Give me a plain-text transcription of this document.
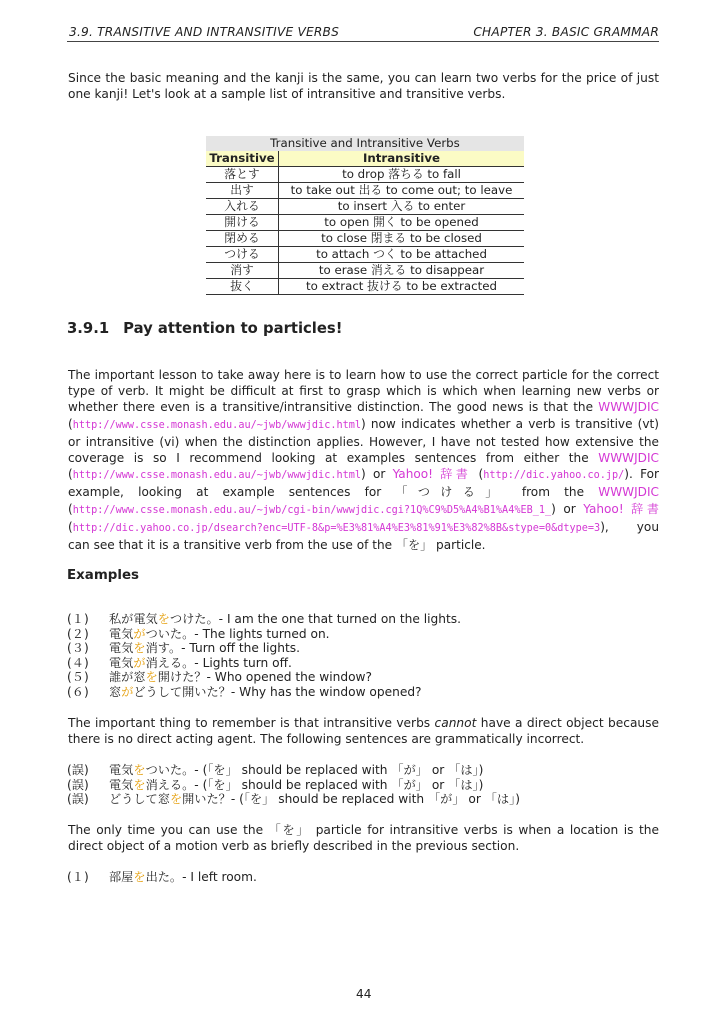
3.9. TRANSITIVE AND INTRANSITIVE VERBS	CHAPTER 3. BASIC GRAMMAR
Since the basic meaning and the kanji is the same, you can learn two verbs for the price of just one kanji! Let's look at a sample list of intransitive and transitive verbs.
Transitive and Intransitive Verbs
Transitive	Intransitive
落とす	to drop 落ちる to fall
出す	to take out 出る to come out; to leave
入れる	to insert 入る to enter
開ける	to open 開く to be opened
閉める	to close 閉まる to be closed
つける	to attach つく to be attached
消す	to erase 消える to disappear
抜く	to extract 抜ける to be extracted
3.9.1 Pay attention to particles!
The important lesson to take away here is to learn how to use the correct particle for the correct type of verb. It might be difficult at first to grasp which is which when learning new verbs or whether there even is a transitive/intransitive distinction. The good news is that the WWWJDIC (http://www.csse.monash.edu.au/~jwb/wwwjdic.html) now indicates whether a verb is transitive (vt) or intransitive (vi) when the distinction applies. However, I have not tested how extensive the coverage is so I recommend looking at examples sentences from either the WWWJDIC (http://www.csse.monash.edu.au/~jwb/wwwjdic.html) or Yahoo! 辞書 (http://dic.yahoo.co.jp/). For example, looking at example sentences for 「つける」 from the WWWJDIC (http://www.csse.monash.edu.au/~jwb/cgi-bin/wwwjdic.cgi?1Q%C9%D5%A4%B1%A4%EB_1_) or Yahoo! 辞書 (http://dic.yahoo.co.jp/dsearch?enc=UTF-8&p=%E3%81%A4%E3%81%91%E3%82%8B&stype=0&dtype=3), you can see that it is a transitive verb from the use of the 「を」 particle.
Examples
(１) 私が電気をつけた。- I am the one that turned on the lights.
(２) 電気がついた。- The lights turned on.
(３) 電気を消す。- Turn off the lights.
(４) 電気が消える。- Lights turn off.
(５) 誰が窓を開けた？- Who opened the window?
(６) 窓がどうして開いた？- Why has the window opened?
The important thing to remember is that intransitive verbs cannot have a direct object because there is no direct acting agent. The following sentences are grammatically incorrect.
(誤) 電気をついた。- (「を」 should be replaced with 「が」 or 「は」)
(誤) 電気を消える。- (「を」 should be replaced with 「が」 or 「は」)
(誤) どうして窓を開いた？- (「を」 should be replaced with 「が」 or 「は」)
The only time you can use the 「を」 particle for intransitive verbs is when a location is the direct object of a motion verb as briefly described in the previous section.
(１) 部屋を出た。- I left room.
44
